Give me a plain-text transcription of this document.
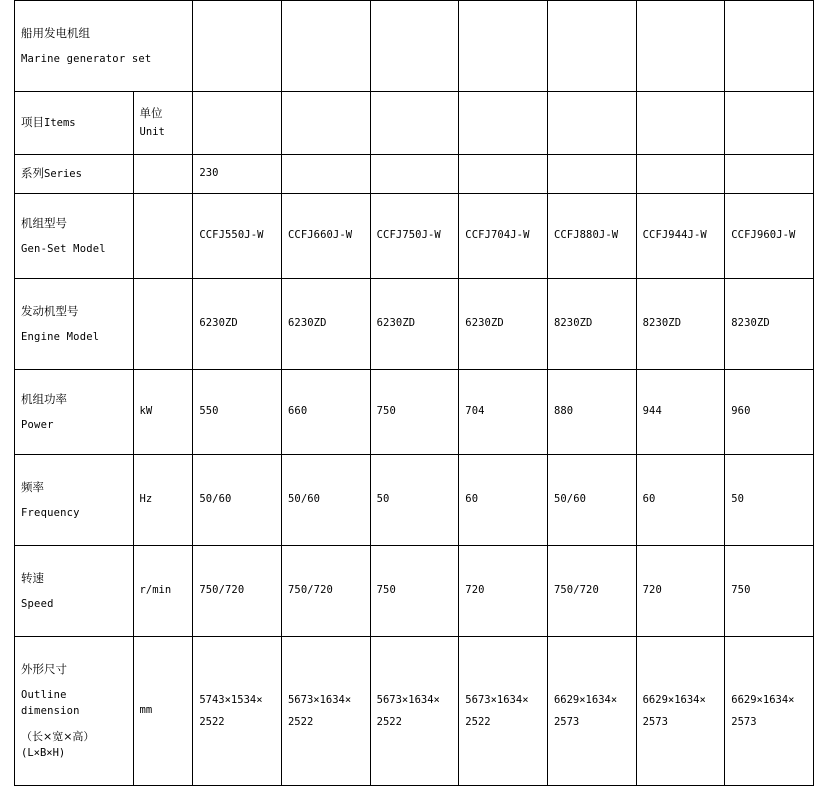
船用发电机组
Marine generator set								

项目Items	单位Unit							
系列Series		230						

机组型号
Gen-Set Model		CCFJ550J-W	CCFJ660J-W	CCFJ750J-W	CCFJ704J-W	CCFJ880J-W	CCFJ944J-W	CCFJ960J-W

发动机型号
Engine Model		6230ZD	6230ZD	6230ZD	6230ZD	8230ZD	8230ZD	8230ZD

机组功率
Power	kW	550	660	750	704	880	944	960

频率
Frequency	Hz	50/60	50/60	50	60	50/60	60	50

转速
Speed	r/min	750/720	750/720	750	720	750/720	720	750

外形尺寸
Outline dimension
（长×宽×高）
(L×B×H)	mm	5743×1534× 2522	5673×1634× 2522	5673×1634× 2522	5673×1634× 2522	6629×1634× 2573	6629×1634× 2573	6629×1634× 2573
